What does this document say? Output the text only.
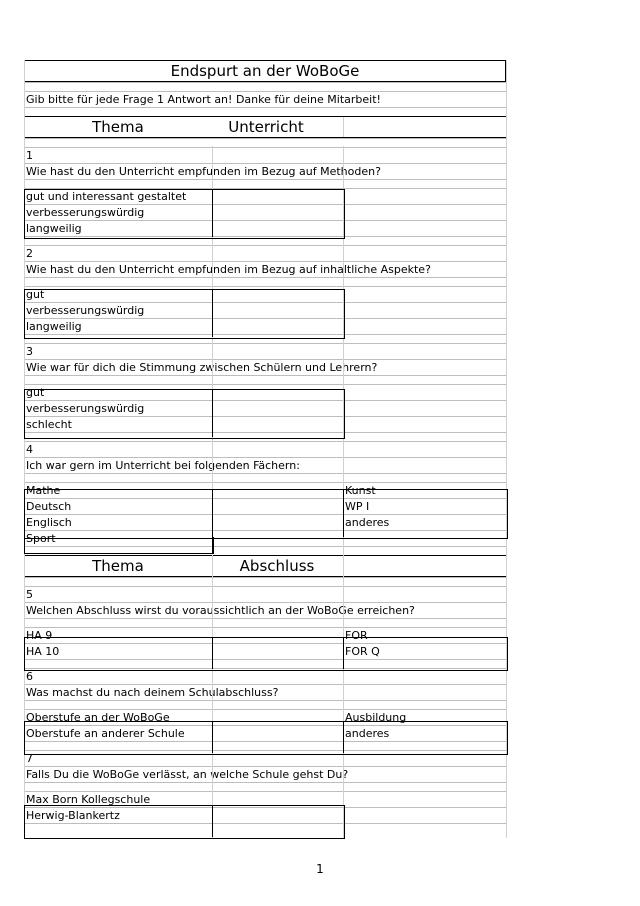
Endspurt an der WoBoGe
Gib bitte für jede Frage 1 Antwort an! Danke für deine Mitarbeit!
Thema	Unterricht
1
Wie hast du den Unterricht empfunden im Bezug auf Methoden?
gut und interessant gestaltet
verbesserungswürdig
langweilig
2
Wie hast du den Unterricht empfunden im Bezug auf inhaltliche Aspekte?
gut
verbesserungswürdig
langweilig
3
Wie war für dich die Stimmung zwischen Schülern und Lehrern?
gut
verbesserungswürdig
schlecht
4
Ich war gern im Unterricht bei folgenden Fächern:
Mathe	Kunst
Deutsch	WP I
Englisch	anderes
Sport
Thema	Abschluss
5
Welchen Abschluss wirst du voraussichtlich an der WoBoGe erreichen?
HA 9	FOR
HA 10	FOR Q
6
Was machst du nach deinem Schulabschluss?
Oberstufe an der WoBoGe	Ausbildung
Oberstufe an anderer Schule	anderes
7
Falls Du die WoBoGe verlässt, an welche Schule gehst Du?
Max Born Kollegschule
Herwig-Blankertz
1
